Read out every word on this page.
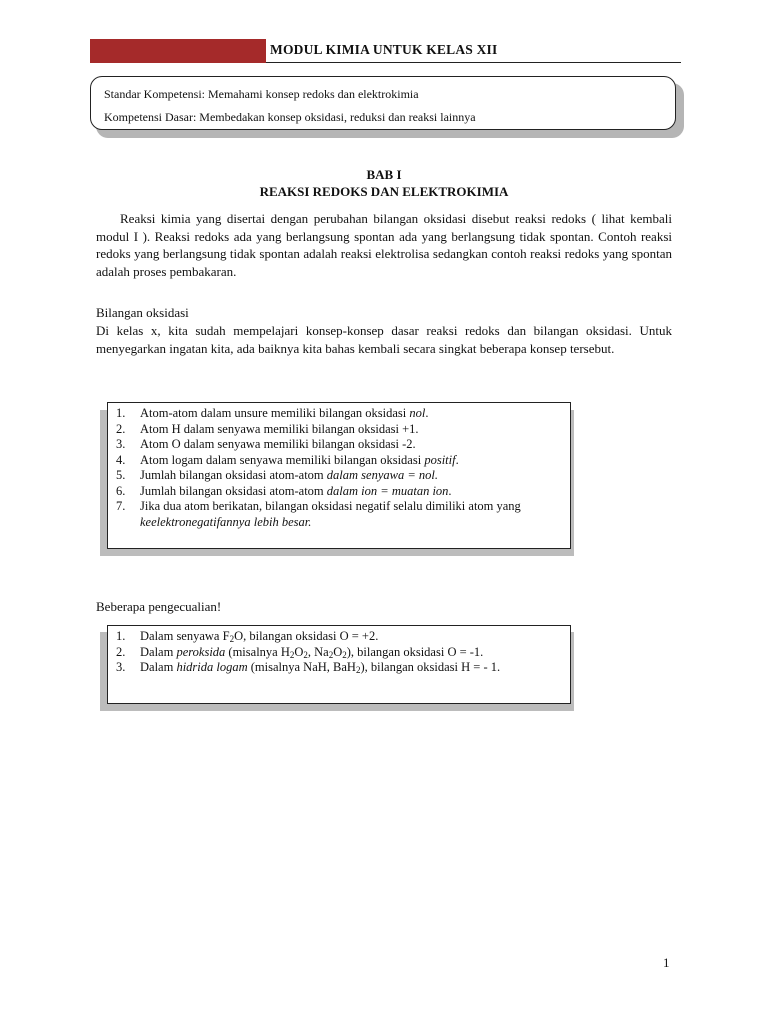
MODUL KIMIA UNTUK KELAS XII
Standar Kompetensi: Memahami konsep redoks dan elektrokimia
Kompetensi Dasar: Membedakan konsep oksidasi, reduksi dan reaksi lainnya
BAB I
REAKSI REDOKS DAN ELEKTROKIMIA

Reaksi kimia yang disertai dengan perubahan bilangan oksidasi disebut reaksi redoks ( lihat kembali modul I ). Reaksi redoks ada yang berlangsung spontan ada yang berlangsung tidak spontan. Contoh reaksi redoks yang berlangsung tidak spontan adalah reaksi elektrolisa sedangkan contoh reaksi redoks yang spontan adalah proses pembakaran.

Bilangan oksidasi

Di kelas x, kita sudah mempelajari konsep-konsep dasar reaksi redoks dan bilangan oksidasi. Untuk menyegarkan ingatan kita, ada baiknya kita bahas kembali secara singkat beberapa konsep tersebut.

1. Atom-atom dalam unsure memiliki bilangan oksidasi nol.
2. Atom H dalam senyawa memiliki bilangan oksidasi +1.
3. Atom O dalam senyawa memiliki bilangan oksidasi -2.
4. Atom logam dalam senyawa memiliki bilangan oksidasi positif.
5. Jumlah bilangan oksidasi atom-atom dalam senyawa = nol.
6. Jumlah bilangan oksidasi atom-atom dalam ion = muatan ion.
7. Jika dua atom berikatan, bilangan oksidasi negatif selalu dimiliki atom yang keelektronegatifannya lebih besar.
Beberapa pengecualian!
1. Dalam senyawa $F_2O$, bilangan oksidasi O = +2.
2. Dalam peroksida (misalnya $H_2O_2$, $Na_2O_2$), bilangan oksidasi O = -1.
3. Dalam hidrida logam (misalnya NaH, BaH$_2$), bilangan oksidasi H = - 1.
1
